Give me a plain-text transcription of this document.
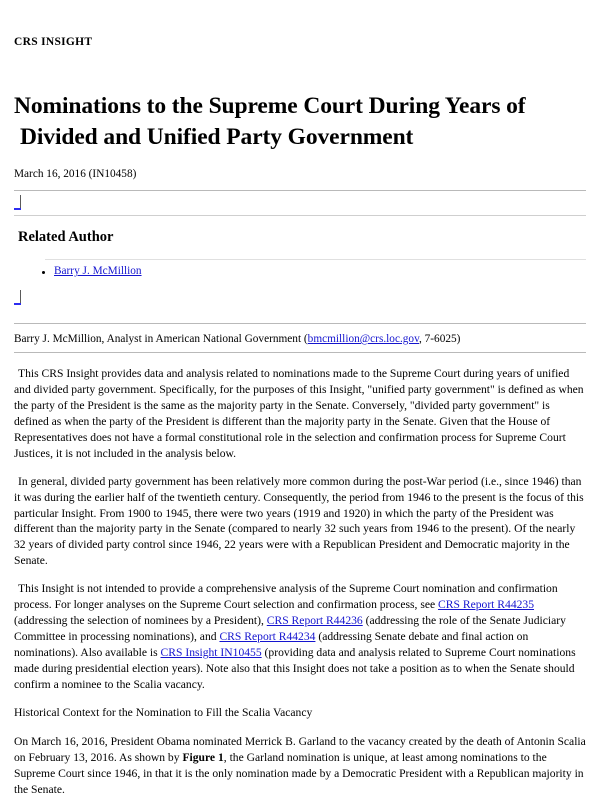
CRS INSIGHT
Nominations to the Supreme Court During Years of
Divided and Unified Party Government
March 16, 2016 (IN10458)
Related Author
Barry J. McMillion
Barry J. McMillion, Analyst in American National Government (bmcmillion@crs.loc.gov, 7-6025)

This CRS Insight provides data and analysis related to nominations made to the Supreme Court during years of unified and divided party government. Specifically, for the purposes of this Insight, "unified party government" is defined as when the party of the President is the same as the majority party in the Senate. Conversely, "divided party government" is defined as when the party of the President is different than the majority party in the Senate. Given that the House of Representatives does not have a formal constitutional role in the selection and confirmation process for Supreme Court Justices, it is not included in the analysis below.

In general, divided party government has been relatively more common during the post-War period (i.e., since 1946) than it was during the earlier half of the twentieth century. Consequently, the period from 1946 to the present is the focus of this particular Insight. From 1900 to 1945, there were two years (1919 and 1920) in which the party of the President was different than the majority party in the Senate (compared to nearly 32 such years from 1946 to the present). Of the nearly 32 years of divided party control since 1946, 22 years were with a Republican President and Democratic majority in the Senate.

This Insight is not intended to provide a comprehensive analysis of the Supreme Court nomination and confirmation process. For longer analyses on the Supreme Court selection and confirmation process, see CRS Report R44235 (addressing the selection of nominees by a President), CRS Report R44236 (addressing the role of the Senate Judiciary Committee in processing nominations), and CRS Report R44234 (addressing Senate debate and final action on nominations). Also available is CRS Insight IN10455 (providing data and analysis related to Supreme Court nominations made during presidential election years). Note also that this Insight does not take a position as to when the Senate should confirm a nominee to the Scalia vacancy.

Historical Context for the Nomination to Fill the Scalia Vacancy

On March 16, 2016, President Obama nominated Merrick B. Garland to the vacancy created by the death of Antonin Scalia on February 13, 2016. As shown by Figure 1, the Garland nomination is unique, at least among nominations to the Supreme Court since 1946, in that it is the only nomination made by a Democratic President with a Republican majority in the Senate.
